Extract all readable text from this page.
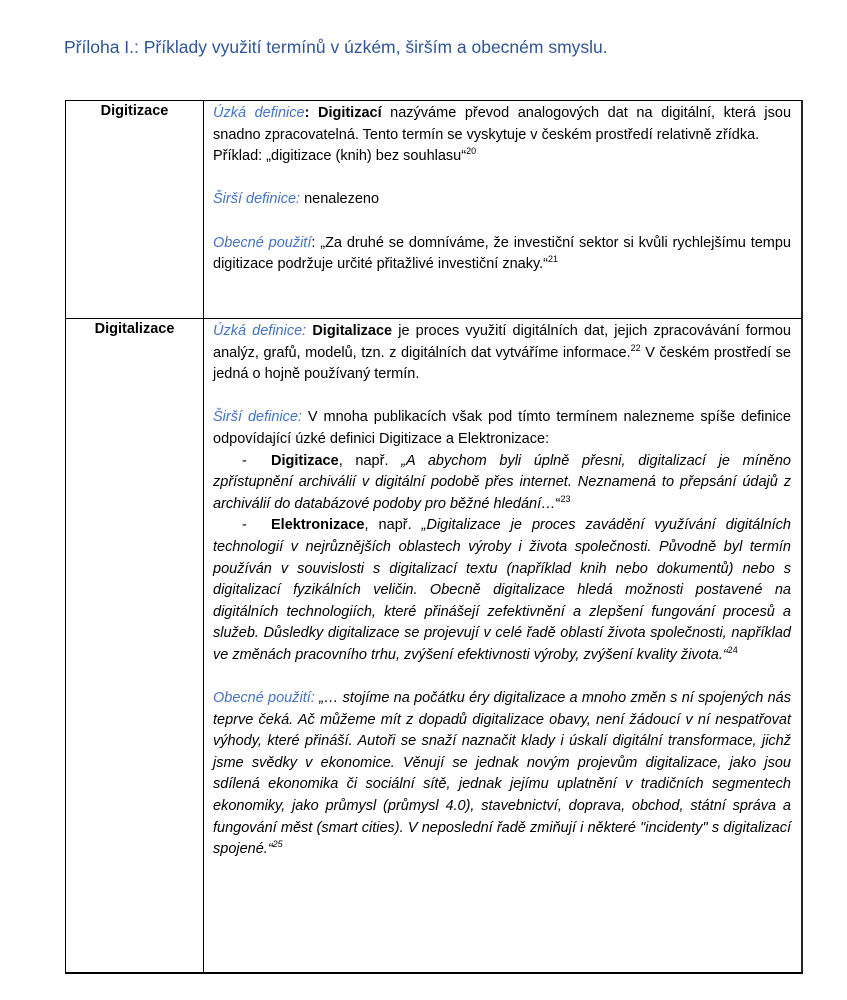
Příloha I.: Příklady využití termínů v úzkém, širším a obecném smyslu.
Digitizace	Úzká definice: Digitizací nazýváme převod analogových dat na digitální, která jsou snadno zpracovatelná. Tento termín se vyskytuje v českém prostředí relativně zřídka.

Příklad: „digitizace (knih) bez souhlasu“$^{20}$

Širší definice: nenalezeno

Obecné použití: „Za druhé se domníváme, že investiční sektor si kvůli rychlejšímu tempu digitizace podržuje určité přitažlivé investiční znaky.“$^{21}$

Digitalizace	Úzká definice: Digitalizace je proces využití digitálních dat, jejich zpracovávání formou analýz, grafů, modelů, tzn. z digitálních dat vytváříme informace.$^{22}$ V českém prostředí se jedná o hojně používaný termín.

Širší definice: V mnoha publikacích však pod tímto termínem nalezneme spíše definice odpovídající úzké definici Digitizace a Elektronizace:

- Digitizace, např. „A abychom byli úplně přesni, digitalizací je míněno zpřístupnění archiválií v digitální podobě přes internet. Neznamená to přepsání údajů z archiválií do databázové podoby pro běžné hledání…“$^{23}$

- Elektronizace, např. „Digitalizace je proces zavádění využívání digitálních technologií v nejrůznějších oblastech výroby i života společnosti. Původně byl termín používán v souvislosti s digitalizací textu (například knih nebo dokumentů) nebo s digitalizací fyzikálních veličin. Obecně digitalizace hledá možnosti postavené na digitálních technologiích, které přinášejí zefektivnění a zlepšení fungování procesů a služeb. Důsledky digitalizace se projevují v celé řadě oblastí života společnosti, například ve změnách pracovního trhu, zvýšení efektivnosti výroby, zvýšení kvality života.“$^{24}$

Obecné použití: „… stojíme na počátku éry digitalizace a mnoho změn s ní spojených nás teprve čeká. Ač můžeme mít z dopadů digitalizace obavy, není žádoucí v ní nespatřovat výhody, které přináší. Autoři se snaží naznačit klady i úskalí digitální transformace, jichž jsme svědky v ekonomice. Věnují se jednak novým projevům digitalizace, jako jsou sdílená ekonomika či sociální sítě, jednak jejímu uplatnění v tradičních segmentech ekonomiky, jako průmysl (průmysl 4.0), stavebnictví, doprava, obchod, státní správa a fungování měst (smart cities). V neposlední řadě zmiňují i některé "incidenty" s digitalizací spojené.“$^{25}$
